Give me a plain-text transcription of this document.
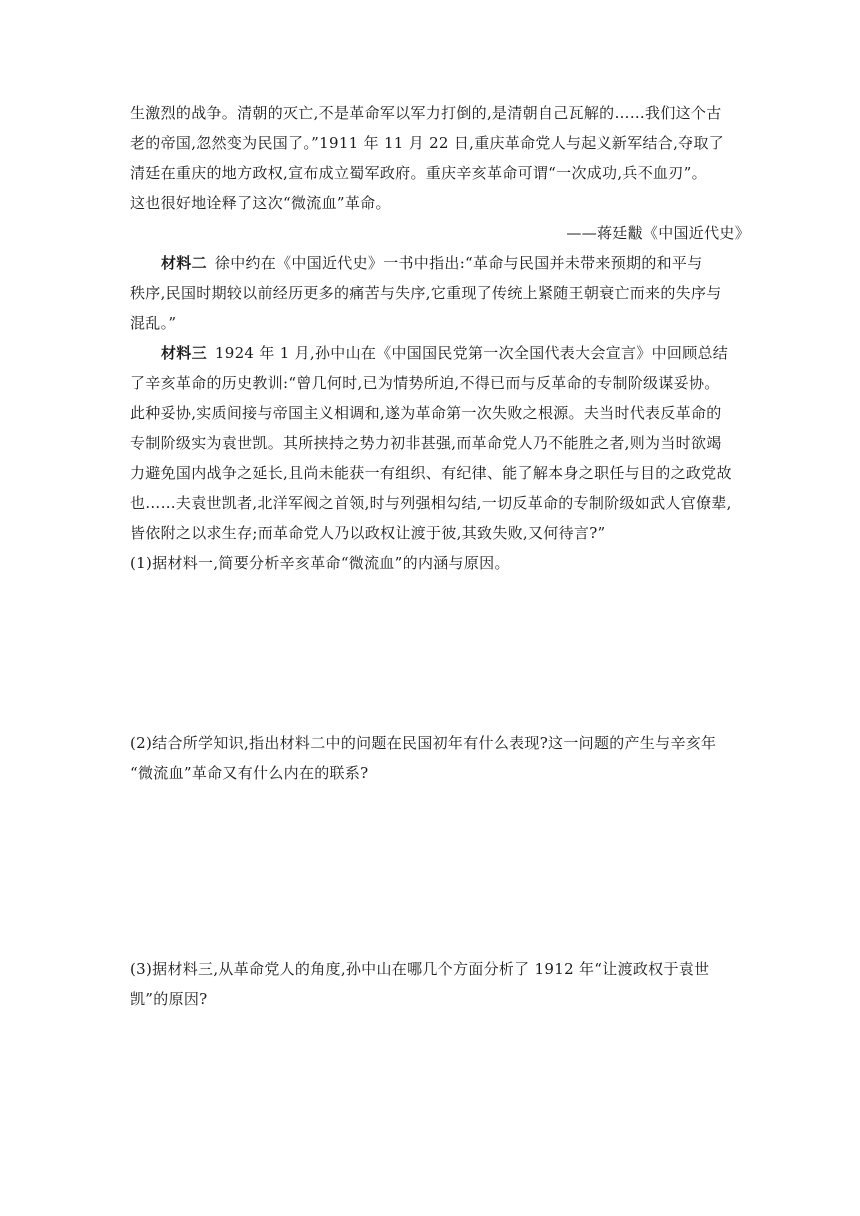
生激烈的战争。清朝的灭亡,不是革命军以军力打倒的,是清朝自己瓦解的……我们这个古
老的帝国,忽然变为民国了。”1911 年 11 月 22 日,重庆革命党人与起义新军结合,夺取了
清廷在重庆的地方政权,宣布成立蜀军政府。重庆辛亥革命可谓“一次成功,兵不血刃”。
这也很好地诠释了这次“微流血”革命。
——蒋廷黻《中国近代史》
材料二 徐中约在《中国近代史》一书中指出:“革命与民国并未带来预期的和平与
秩序,民国时期较以前经历更多的痛苦与失序,它重现了传统上紧随王朝衰亡而来的失序与
混乱。”
材料三 1924 年 1 月,孙中山在《中国国民党第一次全国代表大会宣言》中回顾总结
了辛亥革命的历史教训:“曾几何时,已为情势所迫,不得已而与反革命的专制阶级谋妥协。
此种妥协,实质间接与帝国主义相调和,遂为革命第一次失败之根源。夫当时代表反革命的
专制阶级实为袁世凯。其所挟持之势力初非甚强,而革命党人乃不能胜之者,则为当时欲竭
力避免国内战争之延长,且尚未能获一有组织、有纪律、能了解本身之职任与目的之政党故
也……夫袁世凯者,北洋军阀之首领,时与列强相勾结,一切反革命的专制阶级如武人官僚辈,
皆依附之以求生存;而革命党人乃以政权让渡于彼,其致失败,又何待言?”
(1)据材料一,简要分析辛亥革命“微流血”的内涵与原因。
(2)结合所学知识,指出材料二中的问题在民国初年有什么表现?这一问题的产生与辛亥年
“微流血”革命又有什么内在的联系?
(3)据材料三,从革命党人的角度,孙中山在哪几个方面分析了 1912 年“让渡政权于袁世
凯”的原因?
